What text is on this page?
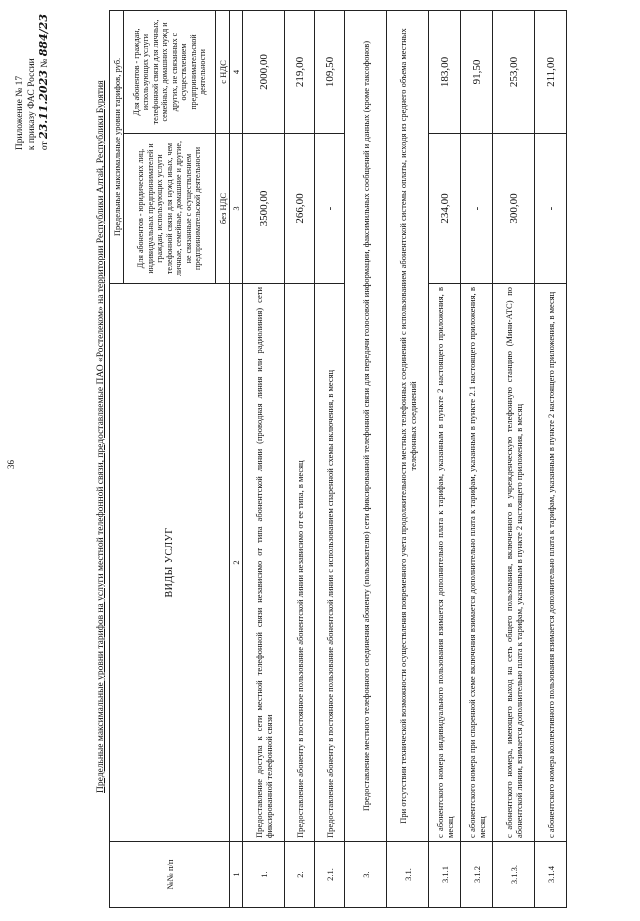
36
Приложение № 17 к приказу ФАС России от 23.11.2023 № 884/23
Предельные максимальные уровни тарифов на услуги местной телефонной связи, предоставляемые ПАО «Ростелеком» на территории Республики Алтай, Республики Бурятия
№№ п/п	ВИДЫ УСЛУГ	Предельные максимальные уровни тарифов, руб.	
		Для абонентов - юридических лиц, индивидуальных предпринимателей и граждан, использующих услуги телефонной связи для нужд иных, чем личные, семейные, домашние и другие, не связанные с осуществлением предпринимательской деятельности	Для абонентов - граждан, использующих услуги телефонной связи для личных, семейных, домашних нужд и других, не связанных с осуществлением предпринимательской деятельности
		без НДС	с НДС
1	2	3	4
1.	Предоставление доступа к сети местной телефонной связи независимо от типа абонентской линии (проводная линия или радиолиния) сети фиксированной телефонной связи	3500,00	2000,00
2.	Предоставление абоненту в постоянное пользование абонентской линии независимо от ее типа, в месяц	266,00	219,00
2.1.	Предоставление абоненту в постоянное пользование абонентской линии с использованием спаренной схемы включения, в месяц	-	109,50
3.	Предоставление местного телефонного соединения абоненту (пользователю) сети фиксированной телефонной связи для передачи голосовой информации, факсимильных сообщений и данных (кроме таксофонов)		
3.1.	При отсутствии технической возможности осуществления повременного учета продолжительности местных телефонных соединений с использованием абонентской системы оплаты, исходя из среднего объема местных телефонных соединений		
3.1.1	с абонентского номера индивидуального пользования взимается дополнительно плата к тарифам, указанным в пункте 2 настоящего приложения, в месяц	234,00	183,00
3.1.2	с абонентского номера при спаренной схеме включения взимается дополнительно плата к тарифам, указанным в пункте 2.1 настоящего приложения, в месяц	-	91,50
3.1.3.	с абонентского номера, имеющего выход на сеть общего пользования, включенного в учрежденческую телефонную станцию (Мини-АТС) по абонентской линии, взимается дополнительно плата к тарифам, указанным в пункте 2 настоящего приложения, в месяц	300,00	253,00
3.1.4	с абонентского номера коллективного пользования взимается дополнительно плата к тарифам, указанным в пункте 2 настоящего приложения, в месяц	-	211,00
